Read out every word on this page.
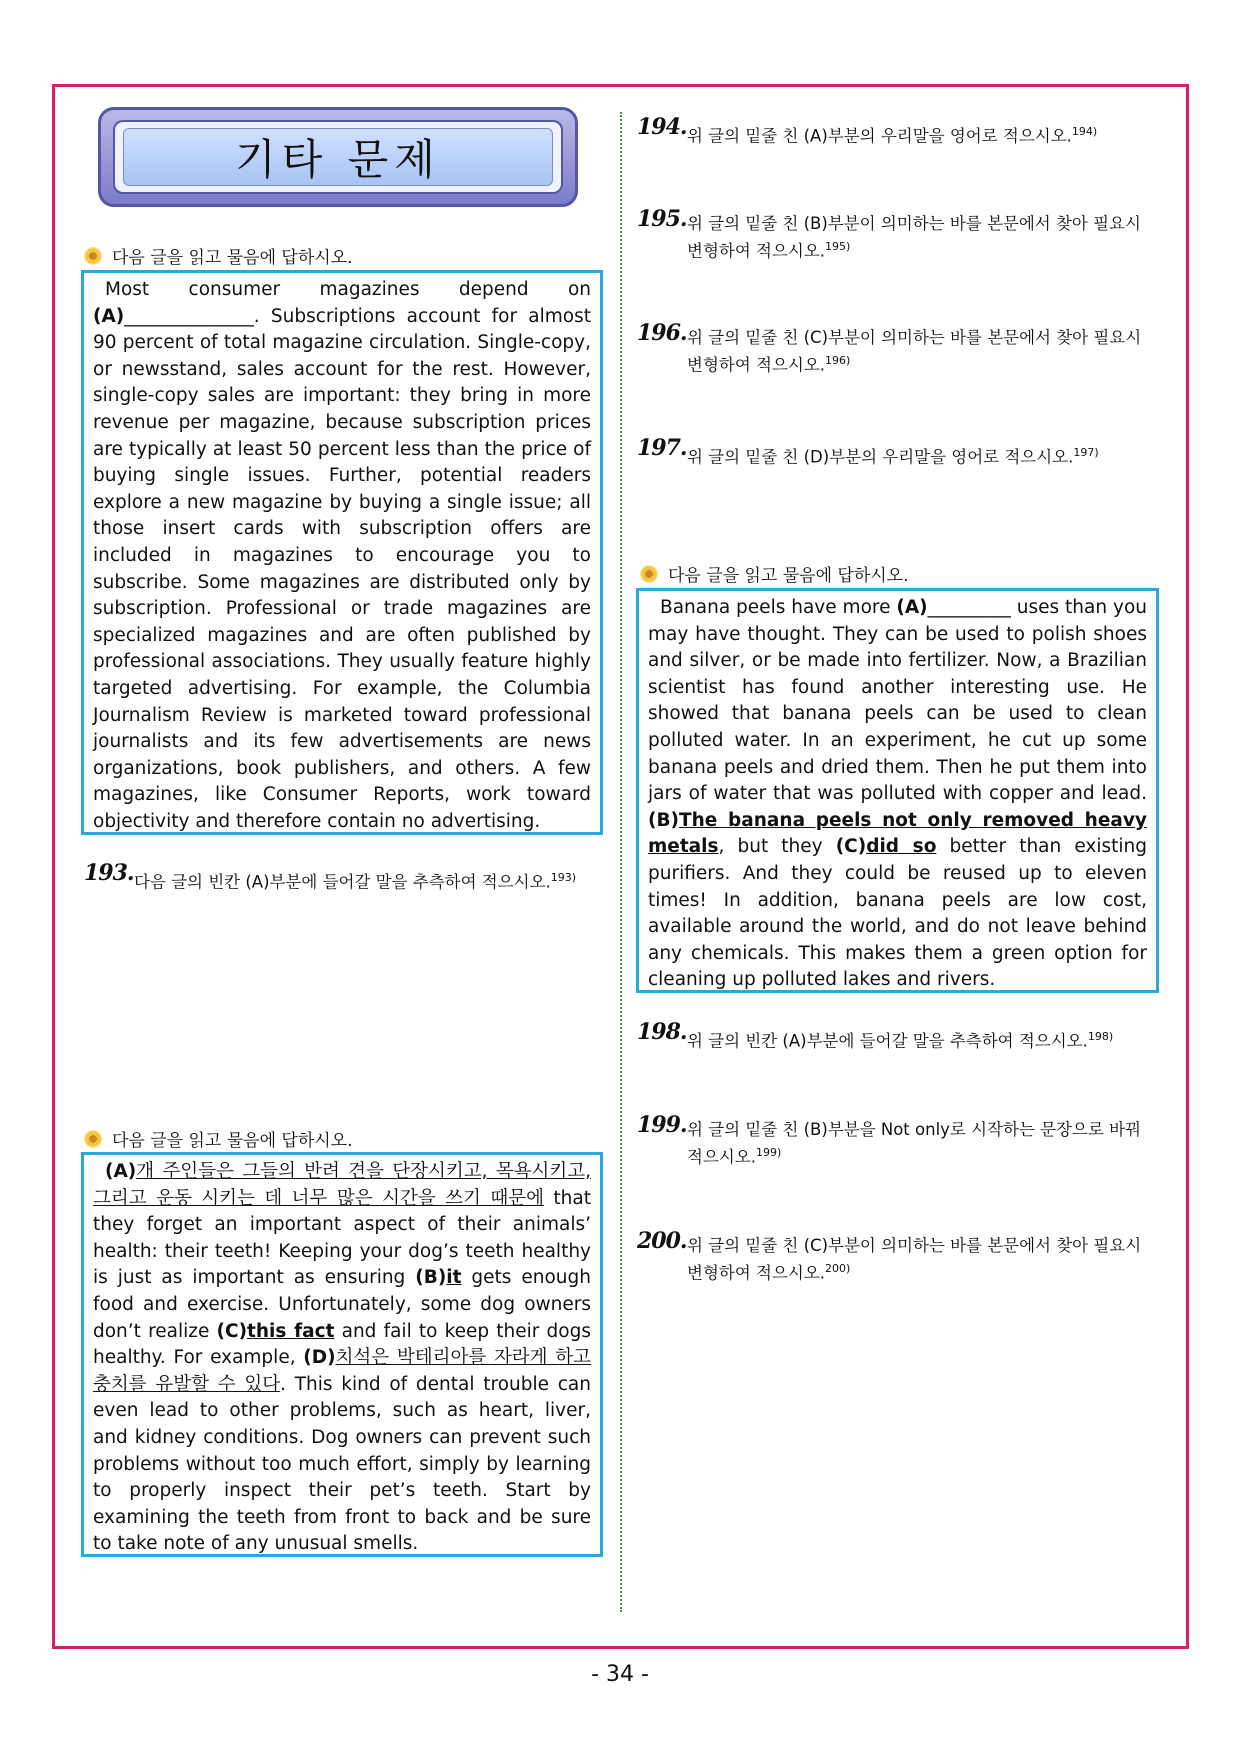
기타 문제
다음 글을 읽고 물음에 답하시오.
Most consumer magazines depend on (A)______________. Subscriptions account for almost 90 percent of total magazine circulation. Single-copy, or newsstand, sales account for the rest. However, single-copy sales are important: they bring in more revenue per magazine, because subscription prices are typically at least 50 percent less than the price of buying single issues. Further, potential readers explore a new magazine by buying a single issue; all those insert cards with subscription offers are included in magazines to encourage you to subscribe. Some magazines are distributed only by subscription. Professional or trade magazines are specialized magazines and are often published by professional associations. They usually feature highly targeted advertising. For example, the Columbia Journalism Review is marketed toward professional journalists and its few advertisements are news organizations, book publishers, and others. A few magazines, like Consumer Reports, work toward objectivity and therefore contain no advertising.
193. 다음 글의 빈칸 (A)부분에 들어갈 말을 추측하여 적으시오.$^{193)}$
다음 글을 읽고 물음에 답하시오.
(A)개 주인들은 그들의 반려 견을 단장시키고, 목욕시키고, 그리고 운동 시키는 데 너무 많은 시간을 쓰기 때문에 that they forget an important aspect of their animals’ health: their teeth! Keeping your dog’s teeth healthy is just as important as ensuring (B)it gets enough food and exercise. Unfortunately, some dog owners don’t realize (C)this fact and fail to keep their dogs healthy. For example, (D)치석은 박테리아를 자라게 하고 충치를 유발할 수 있다. This kind of dental trouble can even lead to other problems, such as heart, liver, and kidney conditions. Dog owners can prevent such problems without too much effort, simply by learning to properly inspect their pet’s teeth. Start by examining the teeth from front to back and be sure to take note of any unusual smells.
194. 위 글의 밑줄 친 (A)부분의 우리말을 영어로 적으시오.$^{194)}$
195. 위 글의 밑줄 친 (B)부분이 의미하는 바를 본문에서 찾아 필요시 변형하여 적으시오.$^{195)}$
196. 위 글의 밑줄 친 (C)부분이 의미하는 바를 본문에서 찾아 필요시 변형하여 적으시오.$^{196)}$
197. 위 글의 밑줄 친 (D)부분의 우리말을 영어로 적으시오.$^{197)}$
다음 글을 읽고 물음에 답하시오.
Banana peels have more (A)_________ uses than you may have thought. They can be used to polish shoes and silver, or be made into fertilizer. Now, a Brazilian scientist has found another interesting use. He showed that banana peels can be used to clean polluted water. In an experiment, he cut up some banana peels and dried them. Then he put them into jars of water that was polluted with copper and lead. (B)The banana peels not only removed heavy metals, but they (C)did so better than existing purifiers. And they could be reused up to eleven times! In addition, banana peels are low cost, available around the world, and do not leave behind any chemicals. This makes them a green option for cleaning up polluted lakes and rivers.
198. 위 글의 빈칸 (A)부분에 들어갈 말을 추측하여 적으시오.$^{198)}$
199. 위 글의 밑줄 친 (B)부분을 Not only로 시작하는 문장으로 바꿔 적으시오.$^{199)}$
200. 위 글의 밑줄 친 (C)부분이 의미하는 바를 본문에서 찾아 필요시 변형하여 적으시오.$^{200)}$
- 34 -
